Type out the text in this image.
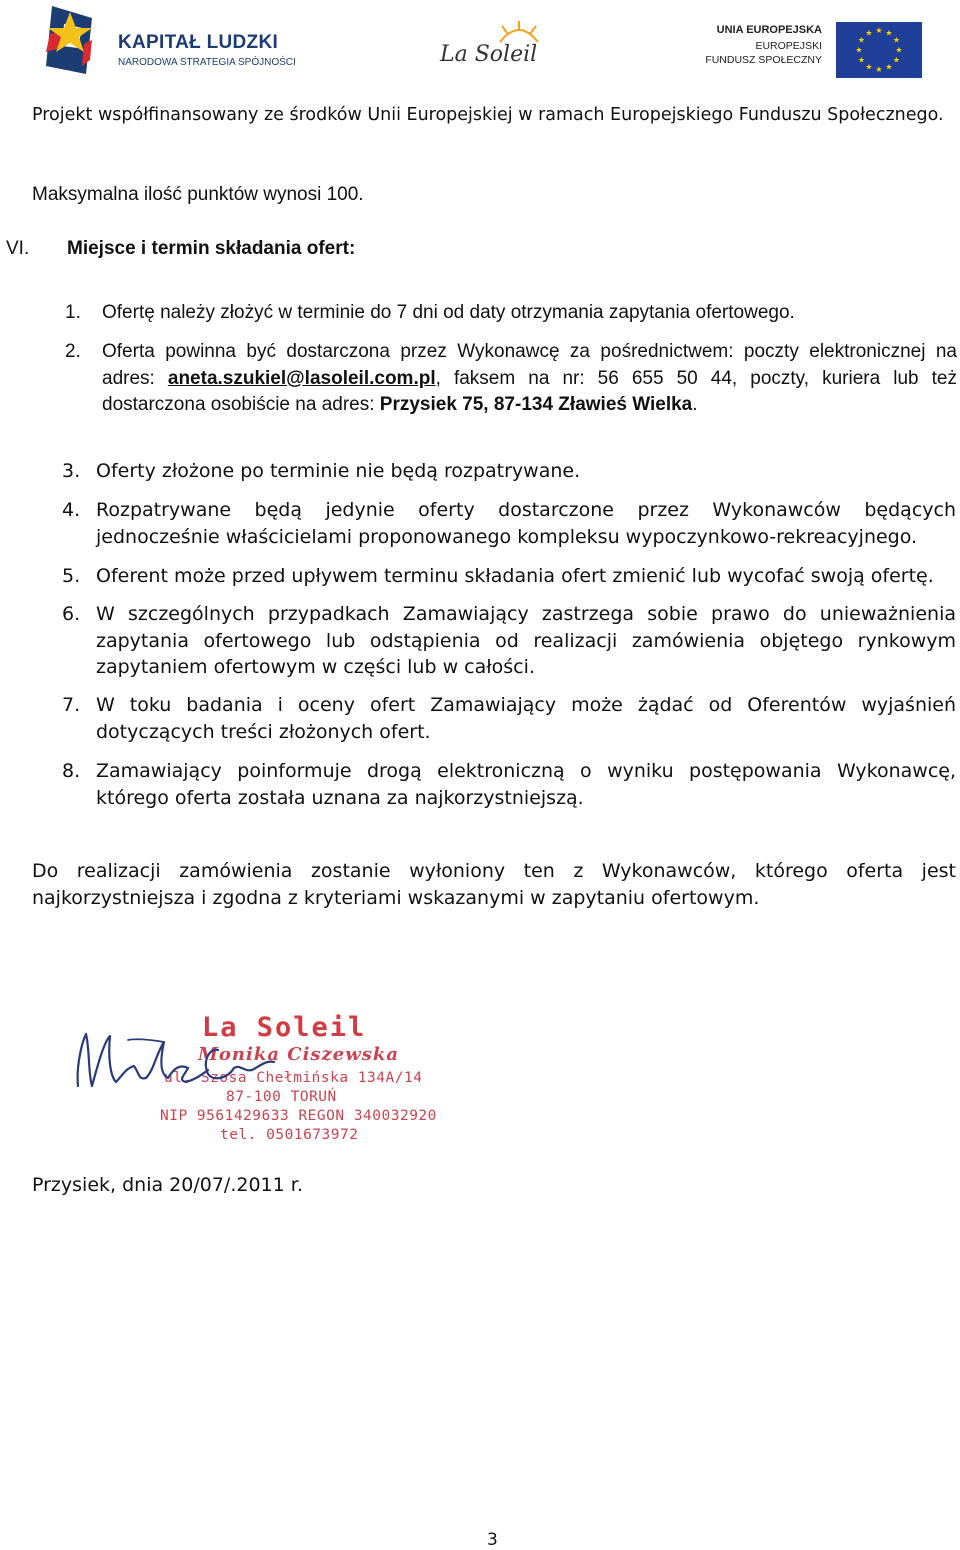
KAPITAŁ LUDZKI
NARODOWA STRATEGIA SPÓJNOŚCI	La Soleil
UNIA EUROPEJSKA
EUROPEJSKI
FUNDUSZ SPOŁECZNY
★ ★
★
★
★
★
★
★
★
★
★
★
Projekt współfinansowany ze środków Unii Europejskiej w ramach Europejskiego Funduszu Społecznego.
Maksymalna ilość punktów wynosi 100.
VI. Miejsce i termin składania ofert:
1.	Ofertę należy złożyć w terminie do 7 dni od daty otrzymania zapytania ofertowego.
2.	Oferta powinna być dostarczona przez Wykonawcę za pośrednictwem: poczty elektronicznej na adres: aneta.szukiel@lasoleil.com.pl, faksem na nr: 56 655 50 44, poczty, kuriera lub też dostarczona osobiście na adres: Przysiek 75, 87-134 Zławieś Wielka.
3. Oferty złożone po terminie nie będą rozpatrywane.
4. Rozpatrywane będą jedynie oferty dostarczone przez Wykonawców będących jednocześnie właścicielami proponowanego kompleksu wypoczynkowo-rekreacyjnego.
5. Oferent może przed upływem terminu składania ofert zmienić lub wycofać swoją ofertę.
6. W szczególnych przypadkach Zamawiający zastrzega sobie prawo do unieważnienia zapytania ofertowego lub odstąpienia od realizacji zamówienia objętego rynkowym zapytaniem ofertowym w części lub w całości.
7. W toku badania i oceny ofert Zamawiający może żądać od Oferentów wyjaśnień dotyczących treści złożonych ofert.
8. Zamawiający poinformuje drogą elektroniczną o wyniku postępowania Wykonawcę, którego oferta została uznana za najkorzystniejszą.
Do realizacji zamówienia zostanie wyłoniony ten z Wykonawców, którego oferta jest najkorzystniejsza i zgodna z kryteriami wskazanymi w zapytaniu ofertowym.
La Soleil
Monika Ciszewska
ul. Szosa Chełmińska 134A/14
87-100 TORUŃ
NIP 9561429633 REGON 340032920
tel. 0501673972
Przysiek, dnia 20/07/.2011 r.
3
